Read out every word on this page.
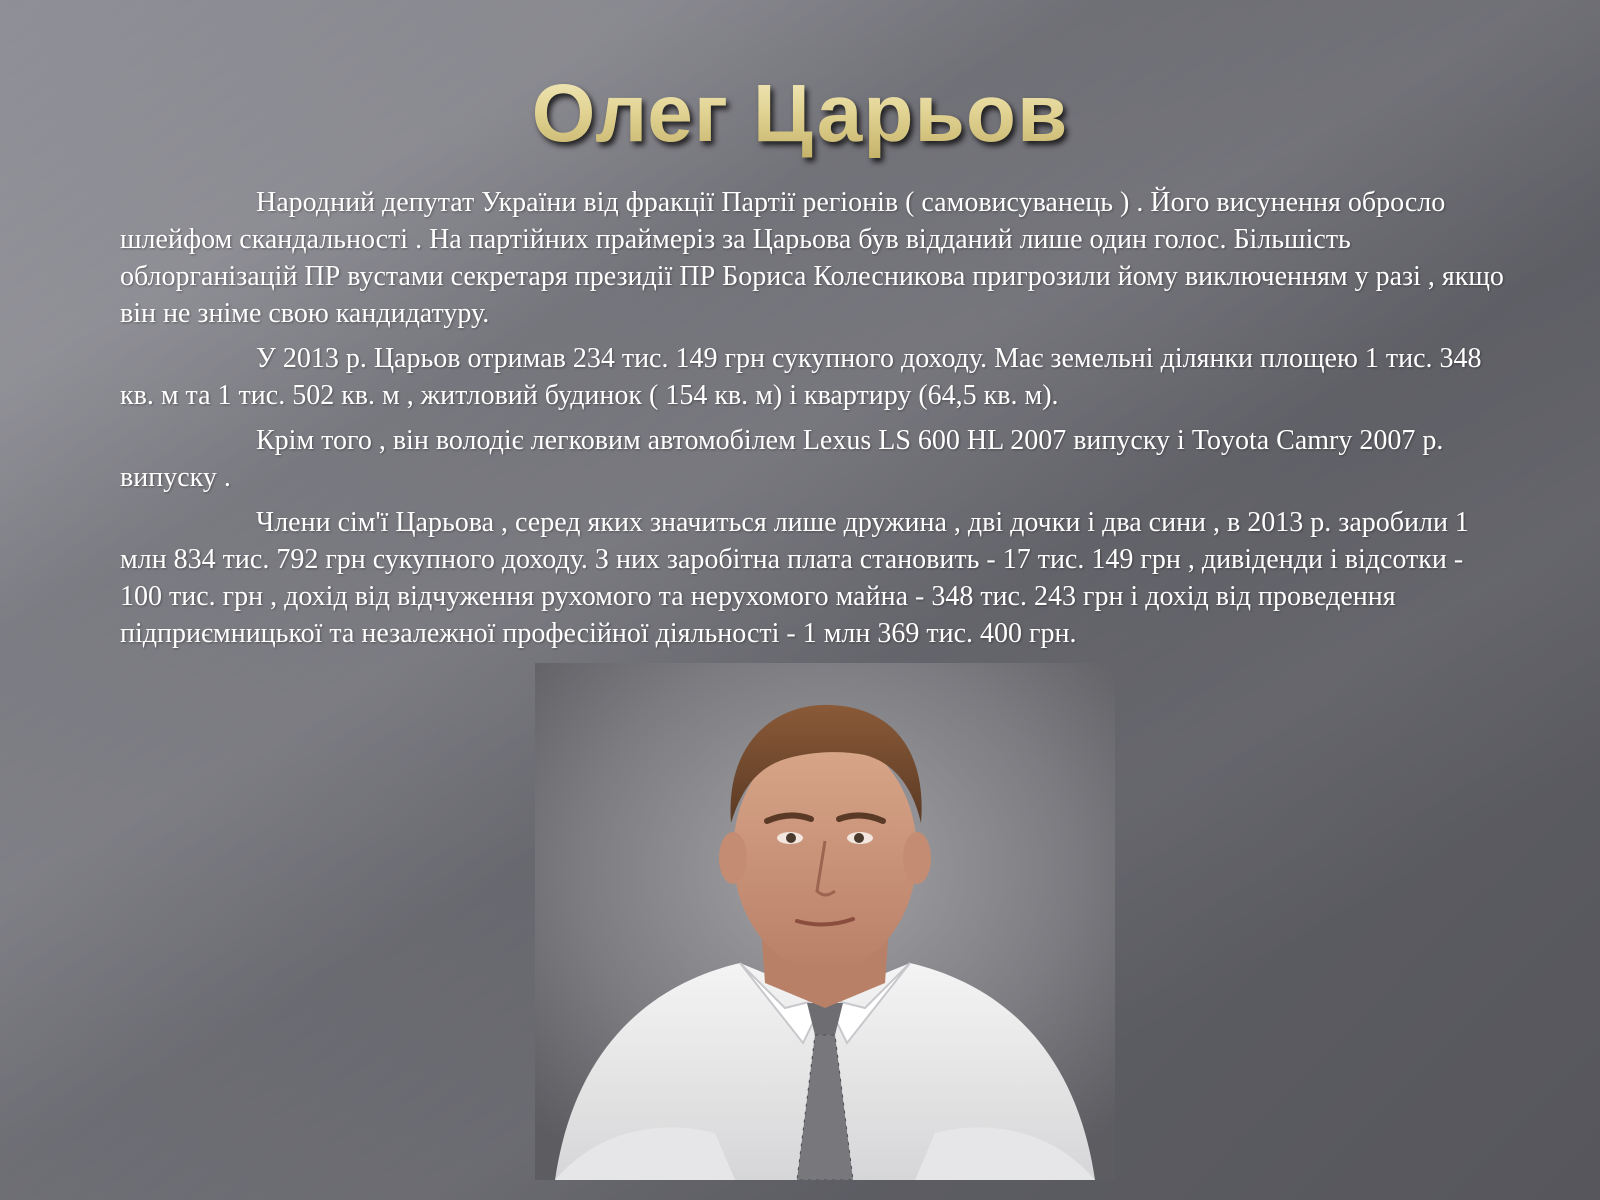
Олег Царьов

Народний депутат України від фракції Партії регіонів ( самовисуванець ) . Його висунення обросло шлейфом скандальності . На партійних праймеріз за Царьова був відданий лише один голос. Більшість облорганізацій ПР вустами секретаря президії ПР Бориса Колесникова пригрозили йому виключенням у разі , якщо він не зніме свою кандидатуру.

У 2013 р. Царьов отримав 234 тис. 149 грн сукупного доходу. Має земельні ділянки площею 1 тис. 348 кв. м та 1 тис. 502 кв. м , житловий будинок ( 154 кв. м) і квартиру (64,5 кв. м).

Крім того , він володіє легковим автомобілем Lexus LS 600 HL 2007 випуску і Toyota Camry 2007 р. випуску .

Члени сім'ї Царьова , серед яких значиться лише дружина , дві дочки і два сини , в 2013 р. заробили 1 млн 834 тис. 792 грн сукупного доходу. З них заробітна плата становить - 17 тис. 149 грн , дивіденди і відсотки - 100 тис. грн , дохід від відчуження рухомого та нерухомого майна - 348 тис. 243 грн і дохід від проведення підприємницької та незалежної професійної діяльності - 1 млн 369 тис. 400 грн.
